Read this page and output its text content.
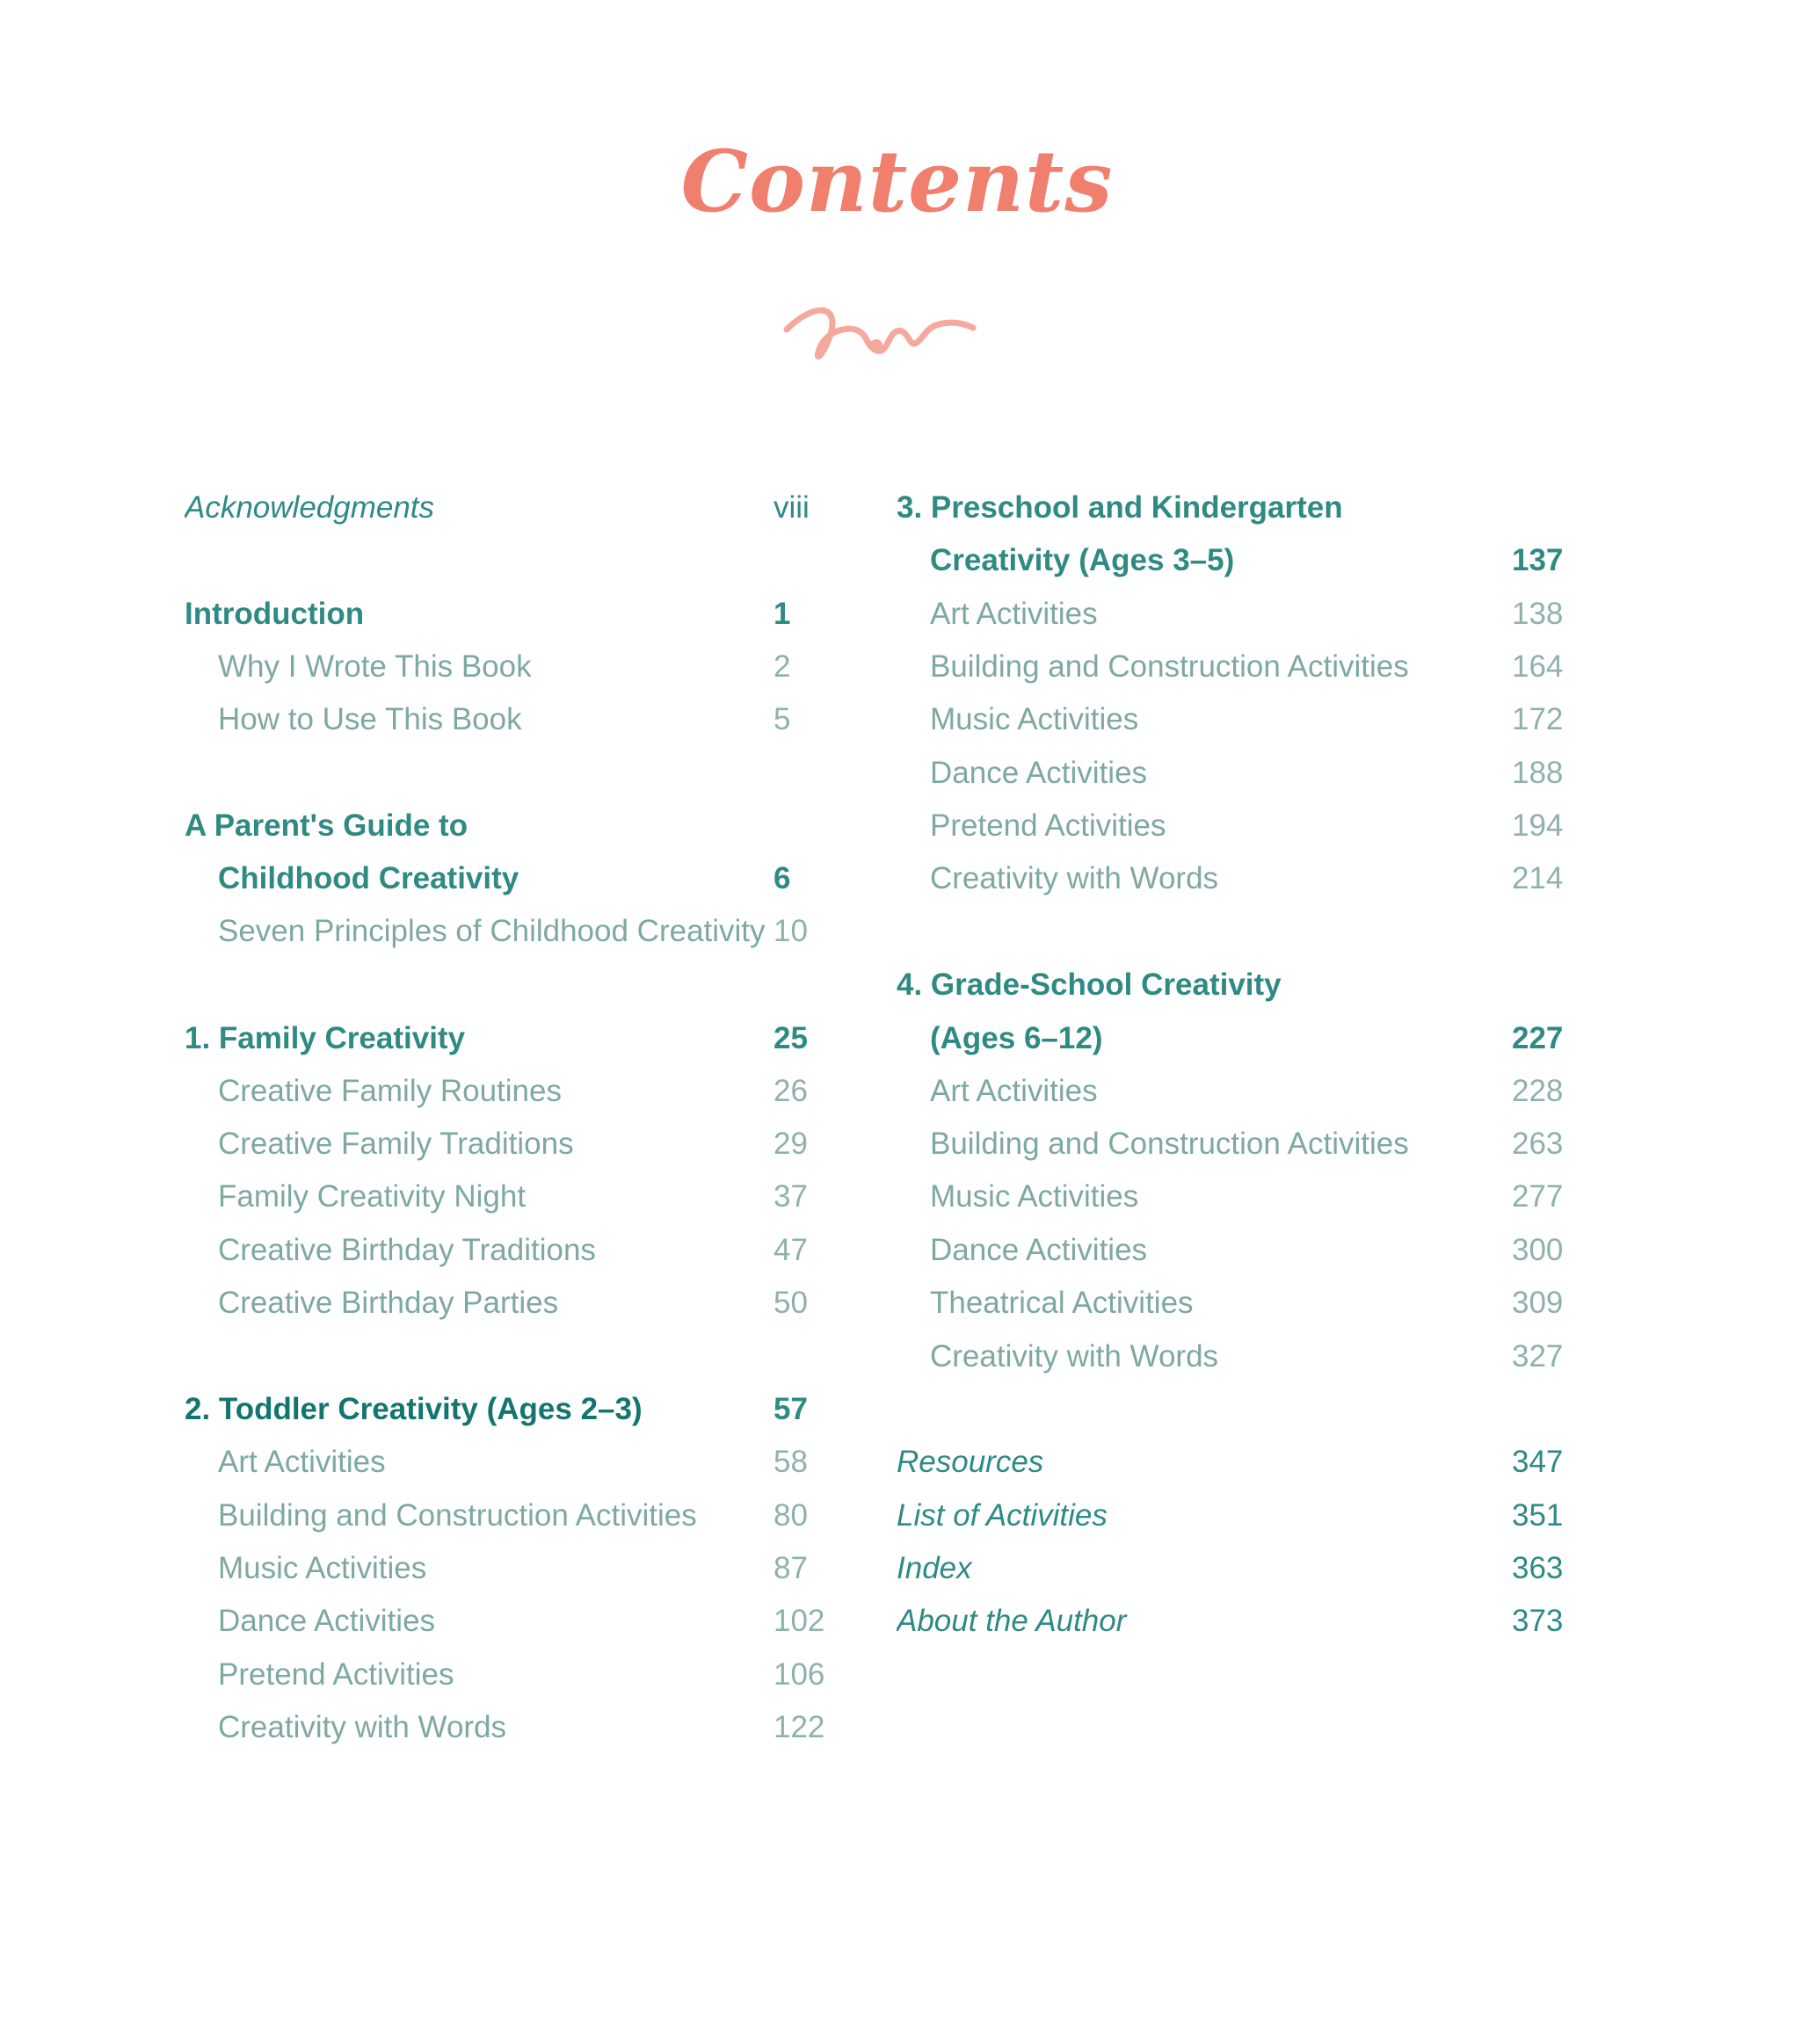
Contents
Acknowledgments	viii
Introduction	1
Why I Wrote This Book	2
How to Use This Book	5
A Parent's Guide to
Childhood Creativity	6
Seven Principles of Childhood Creativity 10
1. Family Creativity	25
Creative Family Routines	26
Creative Family Traditions	29
Family Creativity Night	37
Creative Birthday Traditions	47
Creative Birthday Parties	50
2. Toddler Creativity (Ages 2–3)	57
Art Activities	58
Building and Construction Activities	80
Music Activities	87
Dance Activities	102
Pretend Activities	106
Creativity with Words	122
3. Preschool and Kindergarten
Creativity (Ages 3–5)	137
Art Activities	138
Building and Construction Activities	164
Music Activities	172
Dance Activities	188
Pretend Activities	194
Creativity with Words	214
4. Grade-School Creativity
(Ages 6–12)	227
Art Activities	228
Building and Construction Activities	263
Music Activities	277
Dance Activities	300
Theatrical Activities	309
Creativity with Words	327
Resources	347
List of Activities	351
Index	363
About the Author	373
